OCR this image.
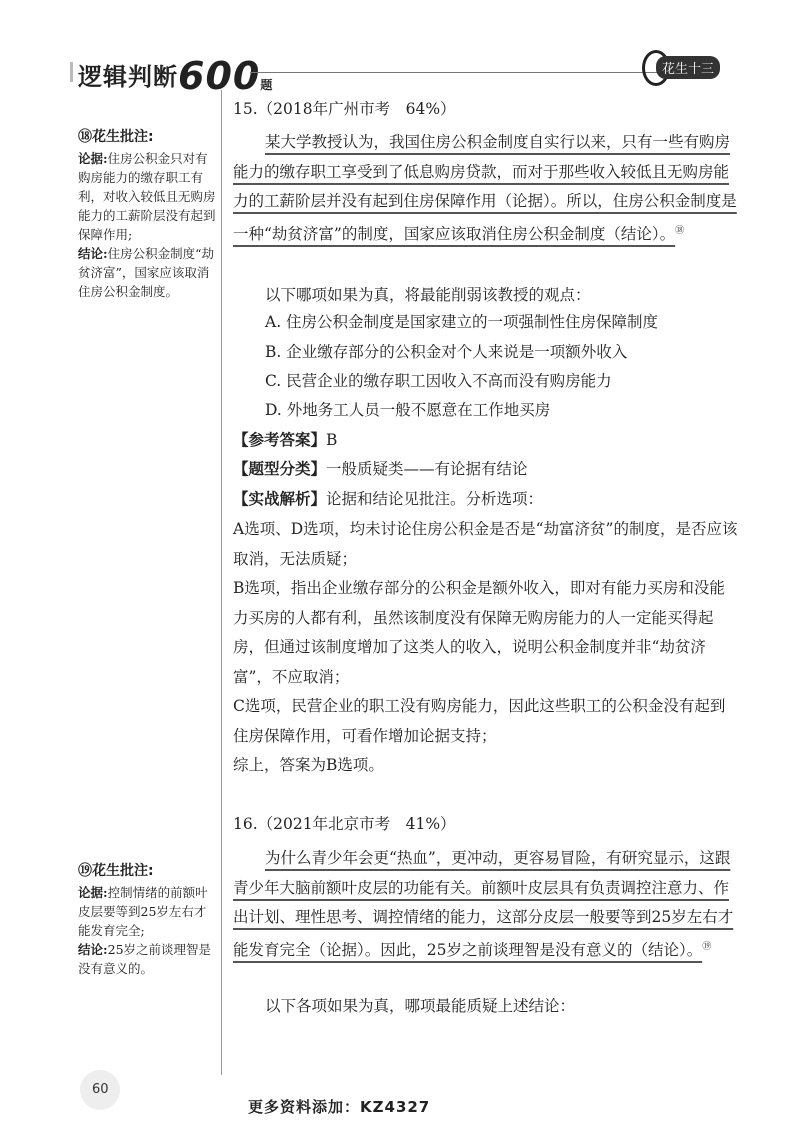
逻辑判断600题
花生十三
⑱花生批注:
论据:住房公积金只对有购房能力的缴存职工有利，对收入较低且无购房能力的工薪阶层没有起到保障作用;
结论:住房公积金制度“劫贫济富”，国家应该取消住房公积金制度。
15.（2018年广州市考　64%）
某大学教授认为，我国住房公积金制度自实行以来，只有一些有购房能力的缴存职工享受到了低息购房贷款，而对于那些收入较低且无购房能力的工薪阶层并没有起到住房保障作用（论据）。所以，住房公积金制度是一种“劫贫济富”的制度，国家应该取消住房公积金制度（结论）。⑱
以下哪项如果为真，将最能削弱该教授的观点：
A. 住房公积金制度是国家建立的一项强制性住房保障制度
B. 企业缴存部分的公积金对个人来说是一项额外收入
C. 民营企业的缴存职工因收入不高而没有购房能力
D. 外地务工人员一般不愿意在工作地买房
【参考答案】B
【题型分类】一般质疑类——有论据有结论
【实战解析】论据和结论见批注。分析选项：
A选项、D选项，均未讨论住房公积金是否是“劫富济贫”的制度，是否应该取消，无法质疑；
B选项，指出企业缴存部分的公积金是额外收入，即对有能力买房和没能力买房的人都有利，虽然该制度没有保障无购房能力的人一定能买得起房，但通过该制度增加了这类人的收入，说明公积金制度并非“劫贫济富”，不应取消；
C选项，民营企业的职工没有购房能力，因此这些职工的公积金没有起到住房保障作用，可看作增加论据支持；
综上，答案为B选项。
⑲花生批注:
论据:控制情绪的前额叶皮层要等到25岁左右才能发育完全;
结论:25岁之前谈理智是没有意义的。
16.（2021年北京市考　41%）
为什么青少年会更“热血”，更冲动，更容易冒险，有研究显示，这跟青少年大脑前额叶皮层的功能有关。前额叶皮层具有负责调控注意力、作出计划、理性思考、调控情绪的能力，这部分皮层一般要等到25岁左右才能发育完全（论据）。因此，25岁之前谈理智是没有意义的（结论）。⑲
以下各项如果为真，哪项最能质疑上述结论：
60
更多资料添加：KZ4327
